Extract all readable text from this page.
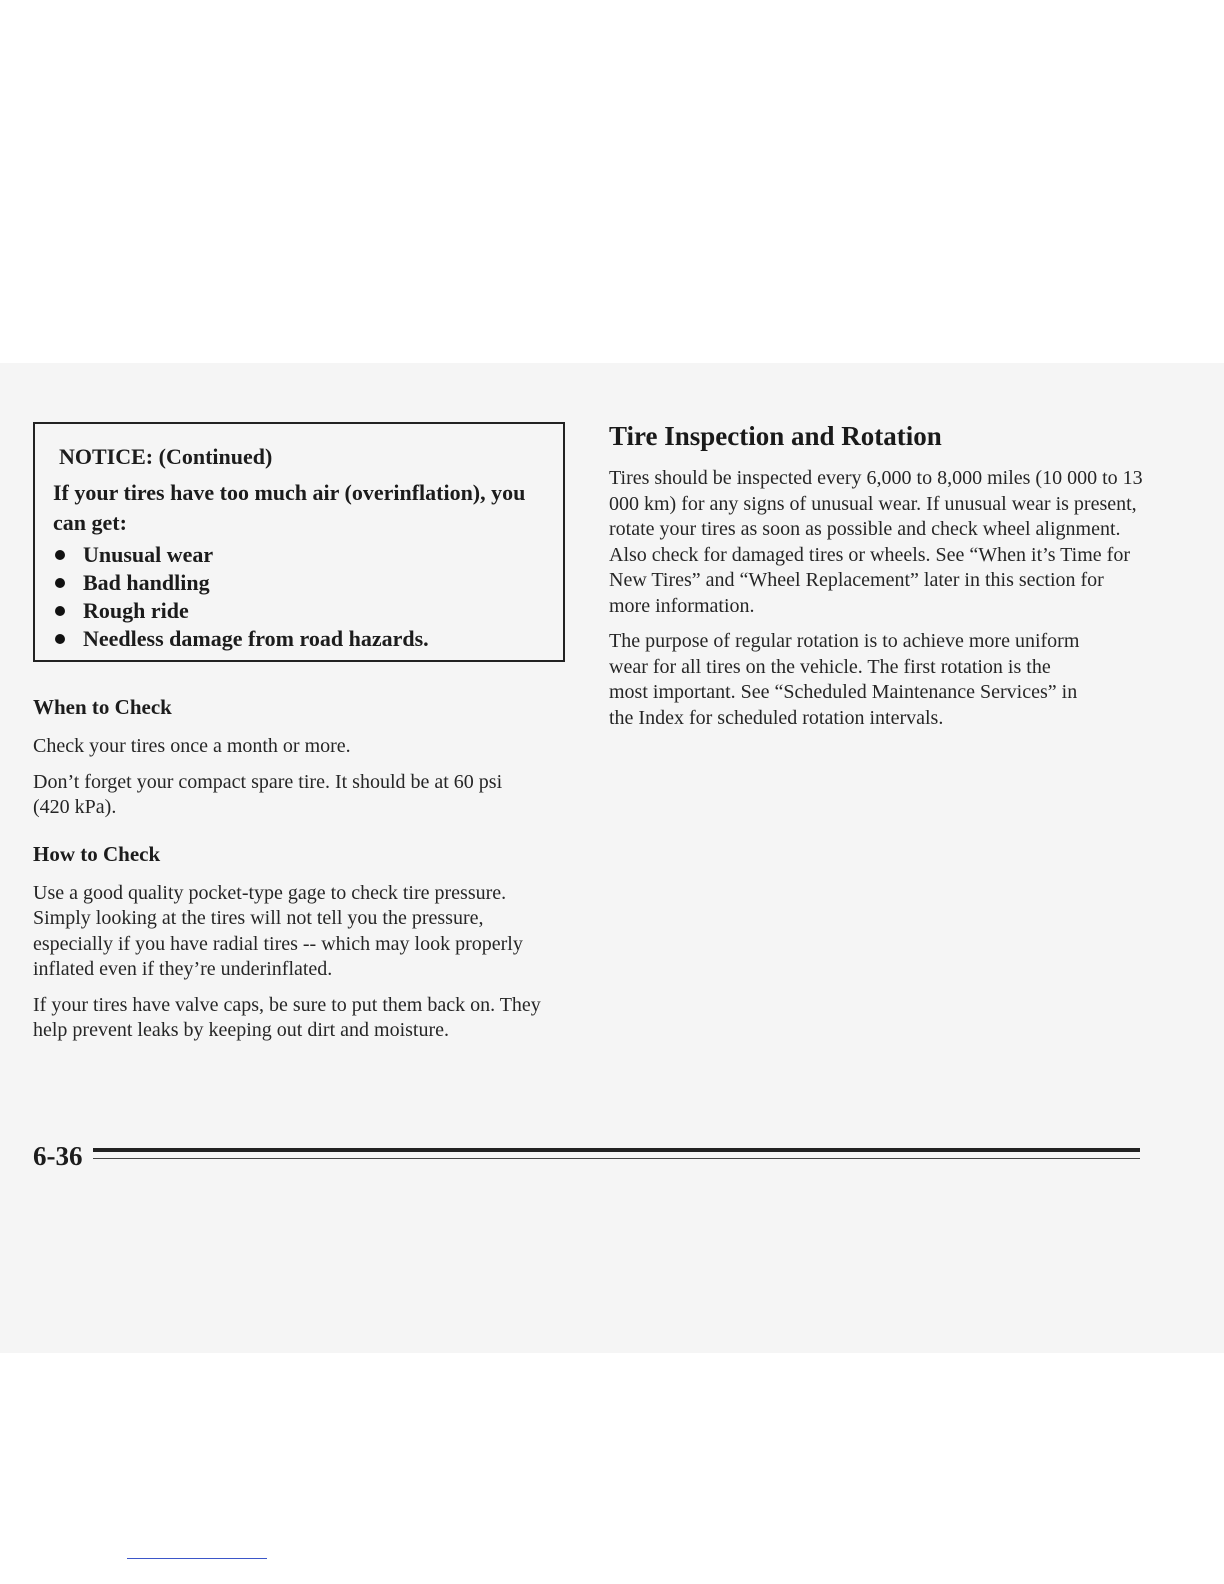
NOTICE: (Continued)

If your tires have too much air (overinflation), you can get:

Unusual wear
Bad handling
Rough ride
Needless damage from road hazards.
When to Check

Check your tires once a month or more.

Don’t forget your compact spare tire. It should be at 60 psi (420 kPa).

How to Check

Use a good quality pocket-type gage to check tire pressure. Simply looking at the tires will not tell you the pressure, especially if you have radial tires -- which may look properly inflated even if they’re underinflated.

If your tires have valve caps, be sure to put them back on. They help prevent leaks by keeping out dirt and moisture.

Tire Inspection and Rotation

Tires should be inspected every 6,000 to 8,000 miles (10 000 to 13 000 km) for any signs of unusual wear. If unusual wear is present, rotate your tires as soon as possible and check wheel alignment. Also check for damaged tires or wheels. See “When it’s Time for New Tires” and “Wheel Replacement” later in this section for more information.

The purpose of regular rotation is to achieve more uniform wear for all tires on the vehicle. The first rotation is the most important. See “Scheduled Maintenance Services” in the Index for scheduled rotation intervals.

6-36
